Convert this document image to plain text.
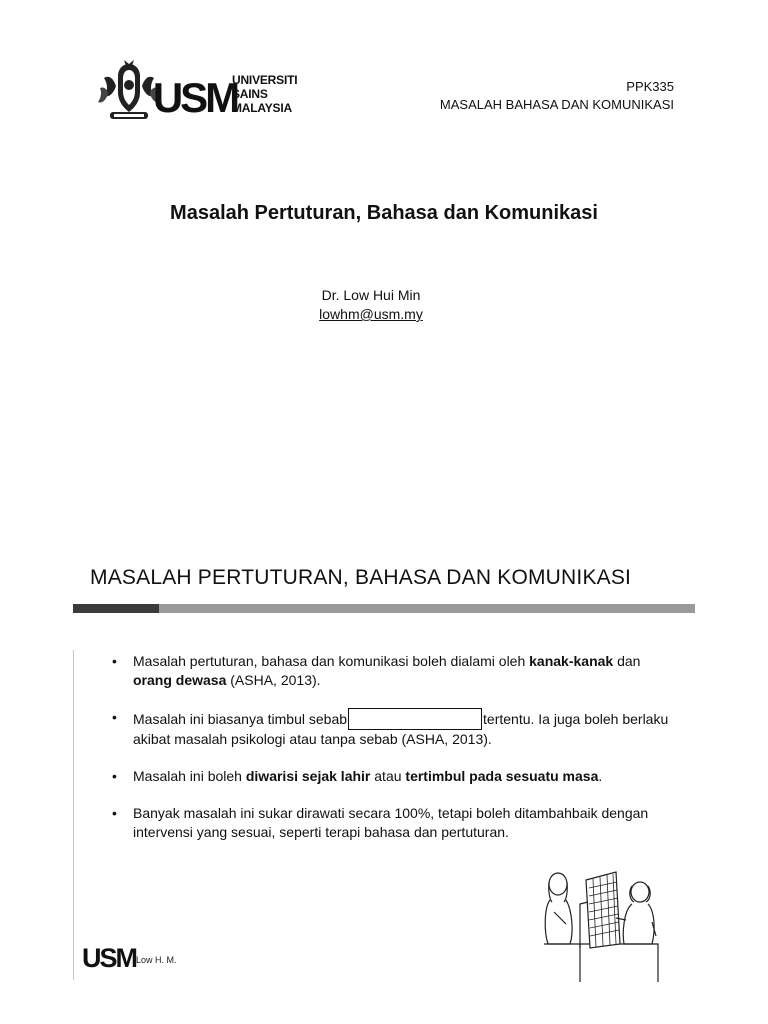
USM
UNIVERSITI
SAINS
MALAYSIA
PPK335
MASALAH BAHASA DAN KOMUNIKASI
Masalah Pertuturan, Bahasa dan Komunikasi
Dr. Low Hui Min
lowhm@usm.my
MASALAH PERTUTURAN, BAHASA DAN KOMUNIKASI
• Masalah pertuturan, bahasa dan komunikasi boleh dialami oleh kanak-kanak dan orang dewasa (ASHA, 2013).
• Masalah ini biasanya timbul sebab	tertentu. Ia juga boleh berlaku akibat masalah psikologi atau tanpa sebab (ASHA, 2013).
• Masalah ini boleh diwarisi sejak lahir atau tertimbul pada sesuatu masa.
• Banyak masalah ini sukar dirawati secara 100%, tetapi boleh ditambahbaik dengan intervensi yang sesuai, seperti terapi bahasa dan pertuturan.
USM Low H. M.
